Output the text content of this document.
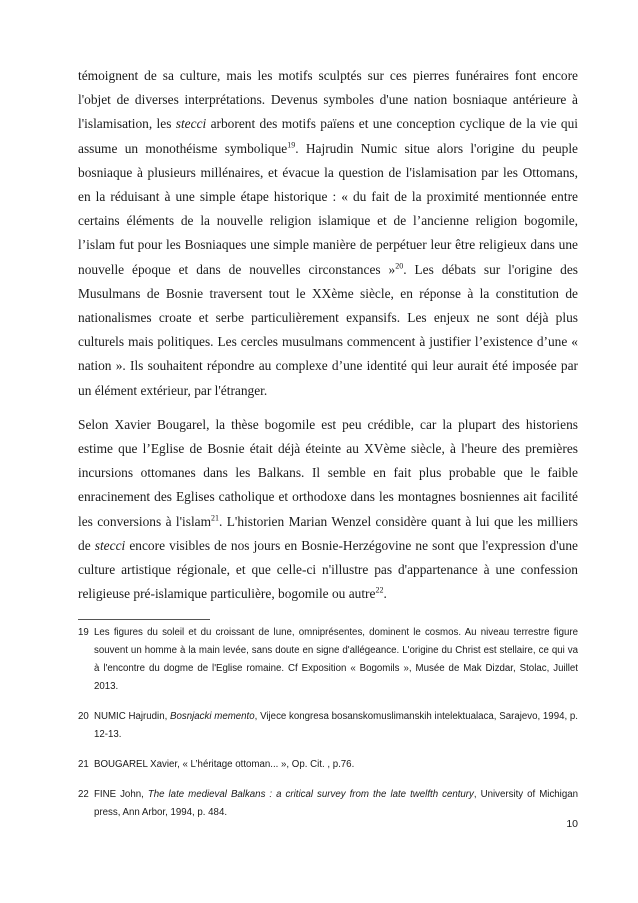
témoignent de sa culture, mais les motifs sculptés sur ces pierres funéraires font encore l'objet de diverses interprétations. Devenus symboles d'une nation bosniaque antérieure à l'islamisation, les stecci arborent des motifs païens et une conception cyclique de la vie qui assume un monothéisme symbolique$^{19}$. Hajrudin Numic situe alors l'origine du peuple bosniaque à plusieurs millénaires, et évacue la question de l'islamisation par les Ottomans, en la réduisant à une simple étape historique : « du fait de la proximité mentionnée entre certains éléments de la nouvelle religion islamique et de l’ancienne religion bogomile, l’islam fut pour les Bosniaques une simple manière de perpétuer leur être religieux dans une nouvelle époque et dans de nouvelles circonstances »$^{20}$. Les débats sur l'origine des Musulmans de Bosnie traversent tout le XXème siècle, en réponse à la constitution de nationalismes croate et serbe particulièrement expansifs. Les enjeux ne sont déjà plus culturels mais politiques. Les cercles musulmans commencent à justifier l’existence d’une « nation ». Ils souhaitent répondre au complexe d’une identité qui leur aurait été imposée par un élément extérieur, par l'étranger.

Selon Xavier Bougarel, la thèse bogomile est peu crédible, car la plupart des historiens estime que l’Eglise de Bosnie était déjà éteinte au XVème siècle, à l'heure des premières incursions ottomanes dans les Balkans. Il semble en fait plus probable que le faible enracinement des Eglises catholique et orthodoxe dans les montagnes bosniennes ait facilité les conversions à l'islam$^{21}$. L'historien Marian Wenzel considère quant à lui que les milliers de stecci encore visibles de nos jours en Bosnie-Herzégovine ne sont que l'expression d'une culture artistique régionale, et que celle-ci n'illustre pas d'appartenance à une confession religieuse pré-islamique particulière, bogomile ou autre$^{22}$.

19 Les figures du soleil et du croissant de lune, omniprésentes, dominent le cosmos. Au niveau terrestre figure souvent un homme à la main levée, sans doute en signe d'allégeance. L'origine du Christ est stellaire, ce qui va à l'encontre du dogme de l'Eglise romaine. Cf Exposition « Bogomils », Musée de Mak Dizdar, Stolac, Juillet 2013.
20 NUMIC Hajrudin, Bosnjacki memento, Vijece kongresa bosanskomuslimanskih intelektualaca, Sarajevo, 1994, p. 12-13.
21 BOUGAREL Xavier, « L’héritage ottoman... », Op. Cit. , p.76.
22 FINE John, The late medieval Balkans : a critical survey from the late twelfth century, University of Michigan press, Ann Arbor, 1994, p. 484.
10
